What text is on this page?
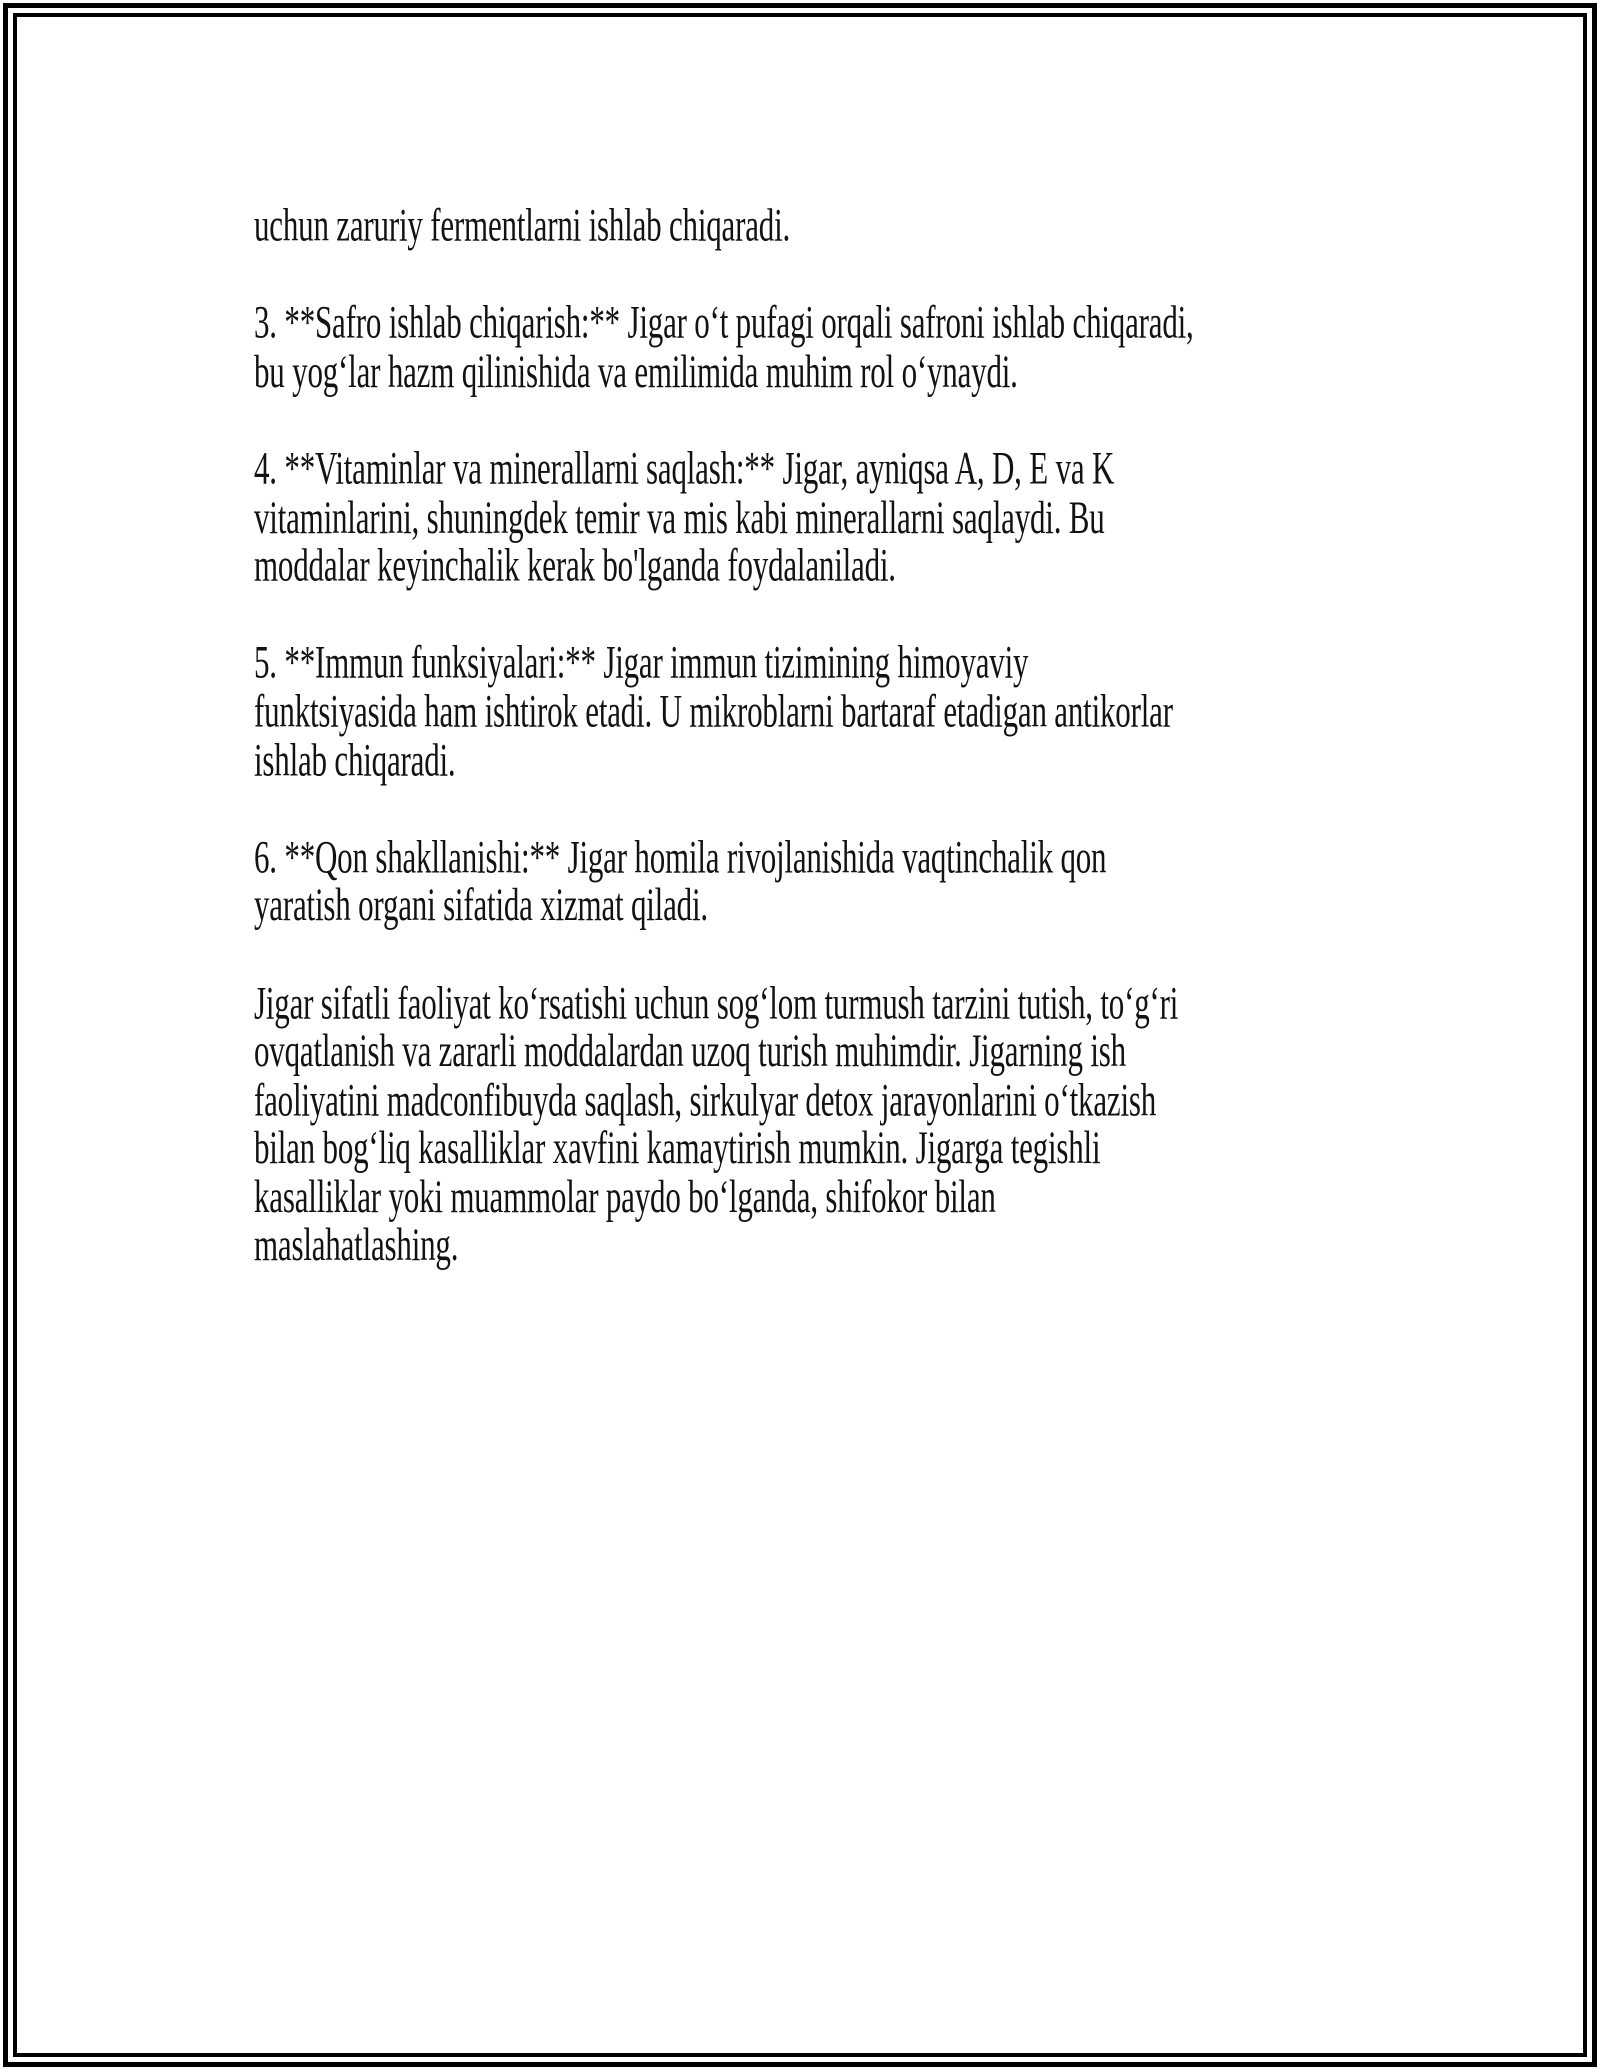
uchun zaruriy fermentlarni ishlab chiqaradi.
3. **Safro ishlab chiqarish:** Jigar o‘t pufagi orqali safroni ishlab chiqaradi,
bu yog‘lar hazm qilinishida va emilimida muhim rol o‘ynaydi.
4. **Vitaminlar va minerallarni saqlash:** Jigar, ayniqsa A, D, E va K
vitaminlarini, shuningdek temir va mis kabi minerallarni saqlaydi. Bu
moddalar keyinchalik kerak bo'lganda foydalaniladi.
5. **Immun funksiyalari:** Jigar immun tizimining himoyaviy
funktsiyasida ham ishtirok etadi. U mikroblarni bartaraf etadigan antikorlar
ishlab chiqaradi.
6. **Qon shakllanishi:** Jigar homila rivojlanishida vaqtinchalik qon
yaratish organi sifatida xizmat qiladi.
Jigar sifatli faoliyat ko‘rsatishi uchun sog‘lom turmush tarzini tutish, to‘g‘ri
ovqatlanish va zararli moddalardan uzoq turish muhimdir. Jigarning ish
faoliyatini madconfibuyda saqlash, sirkulyar detox jarayonlarini o‘tkazish
bilan bog‘liq kasalliklar xavfini kamaytirish mumkin. Jigarga tegishli
kasalliklar yoki muammolar paydo bo‘lganda, shifokor bilan
maslahatlashing.
